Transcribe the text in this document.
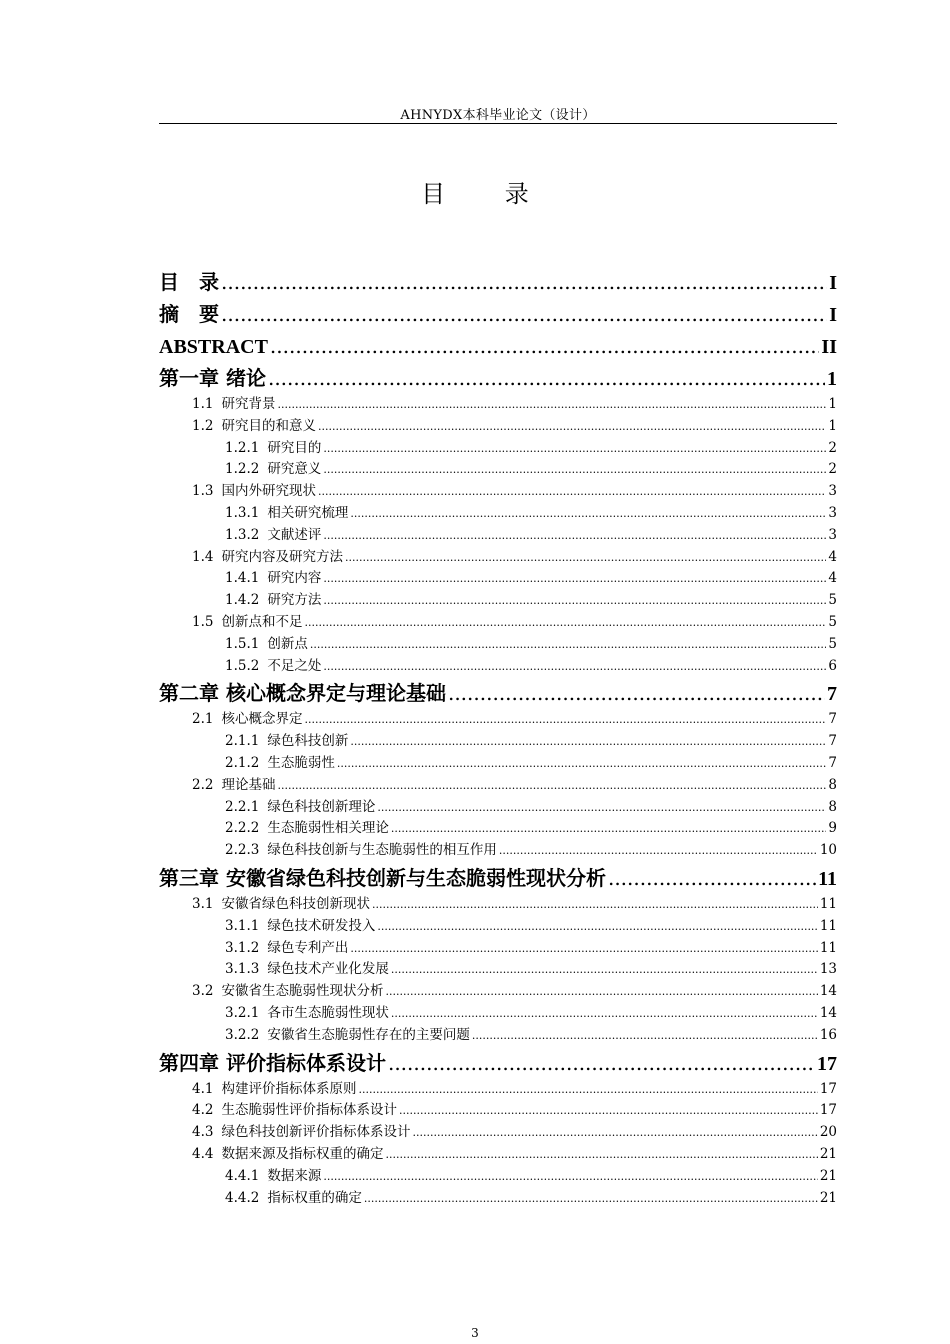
AHNYDX本科毕业论文（设计）
目 录
目　录 .....	I
摘　要 .....	I
ABSTRACT .....	II
第一章 绪论 .....	1
1.1 研究背景 .....	1
1.2 研究目的和意义 .....	1
1.2.1 研究目的 .....	2
1.2.2 研究意义 .....	2
1.3 国内外研究现状 .....	3
1.3.1 相关研究梳理 .....	3
1.3.2 文献述评 .....	3
1.4 研究内容及研究方法 .....	4
1.4.1 研究内容 .....	4
1.4.2 研究方法 .....	5
1.5 创新点和不足 .....	5
1.5.1 创新点 .....	5
1.5.2 不足之处 .....	6
第二章 核心概念界定与理论基础 .....	7
2.1 核心概念界定 .....	7
2.1.1 绿色科技创新 .....	7
2.1.2 生态脆弱性 .....	7
2.2 理论基础 .....	8
2.2.1 绿色科技创新理论 .....	8
2.2.2 生态脆弱性相关理论 .....	9
2.2.3 绿色科技创新与生态脆弱性的相互作用 .....	10
第三章 安徽省绿色科技创新与生态脆弱性现状分析 .....	11
3.1 安徽省绿色科技创新现状 .....	11
3.1.1 绿色技术研发投入 .....	11
3.1.2 绿色专利产出 .....	11
3.1.3 绿色技术产业化发展 .....	13
3.2 安徽省生态脆弱性现状分析 .....	14
3.2.1 各市生态脆弱性现状 .....	14
3.2.2 安徽省生态脆弱性存在的主要问题 .....	16
第四章 评价指标体系设计 .....	17
4.1 构建评价指标体系原则 .....	17
4.2 生态脆弱性评价指标体系设计 .....	17
4.3 绿色科技创新评价指标体系设计 .....	20
4.4 数据来源及指标权重的确定 .....	21
4.4.1 数据来源 .....	21
4.4.2 指标权重的确定 .....	21
3
